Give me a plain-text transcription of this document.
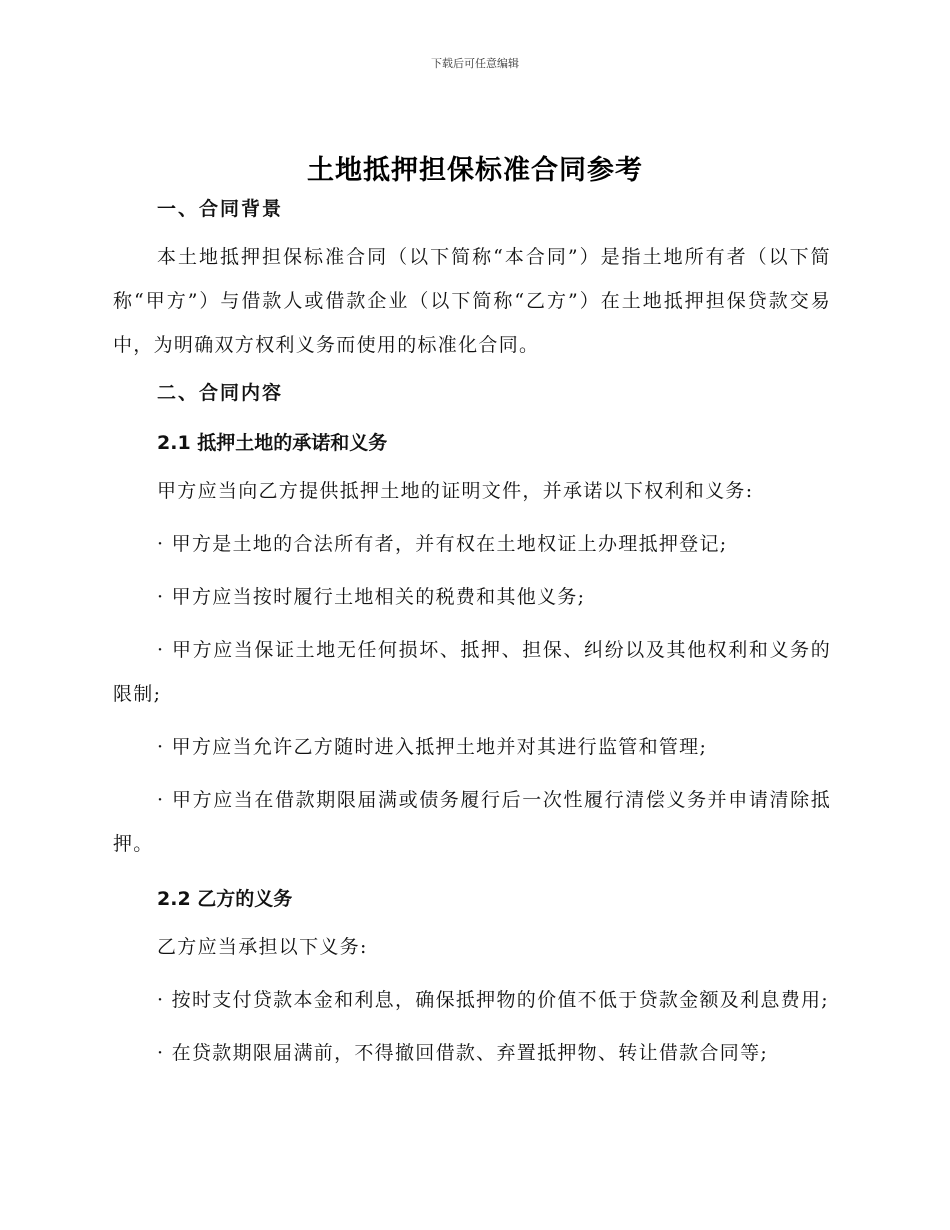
下载后可任意编辑
土地抵押担保标准合同参考
一、合同背景

本土地抵押担保标准合同（以下简称“本合同”）是指土地所有者（以下简称“甲方”）与借款人或借款企业（以下简称“乙方”）在土地抵押担保贷款交易中，为明确双方权利义务而使用的标准化合同。

二、合同内容
2.1 抵押土地的承诺和义务

甲方应当向乙方提供抵押土地的证明文件，并承诺以下权利和义务:

· 甲方是土地的合法所有者，并有权在土地权证上办理抵押登记;

· 甲方应当按时履行土地相关的税费和其他义务;

· 甲方应当保证土地无任何损坏、抵押、担保、纠纷以及其他权利和义务的限制;

· 甲方应当允许乙方随时进入抵押土地并对其进行监管和管理;

· 甲方应当在借款期限届满或债务履行后一次性履行清偿义务并申请清除抵押。

2.2 乙方的义务

乙方应当承担以下义务:

· 按时支付贷款本金和利息，确保抵押物的价值不低于贷款金额及利息费用;

· 在贷款期限届满前，不得撤回借款、弃置抵押物、转让借款合同等;
